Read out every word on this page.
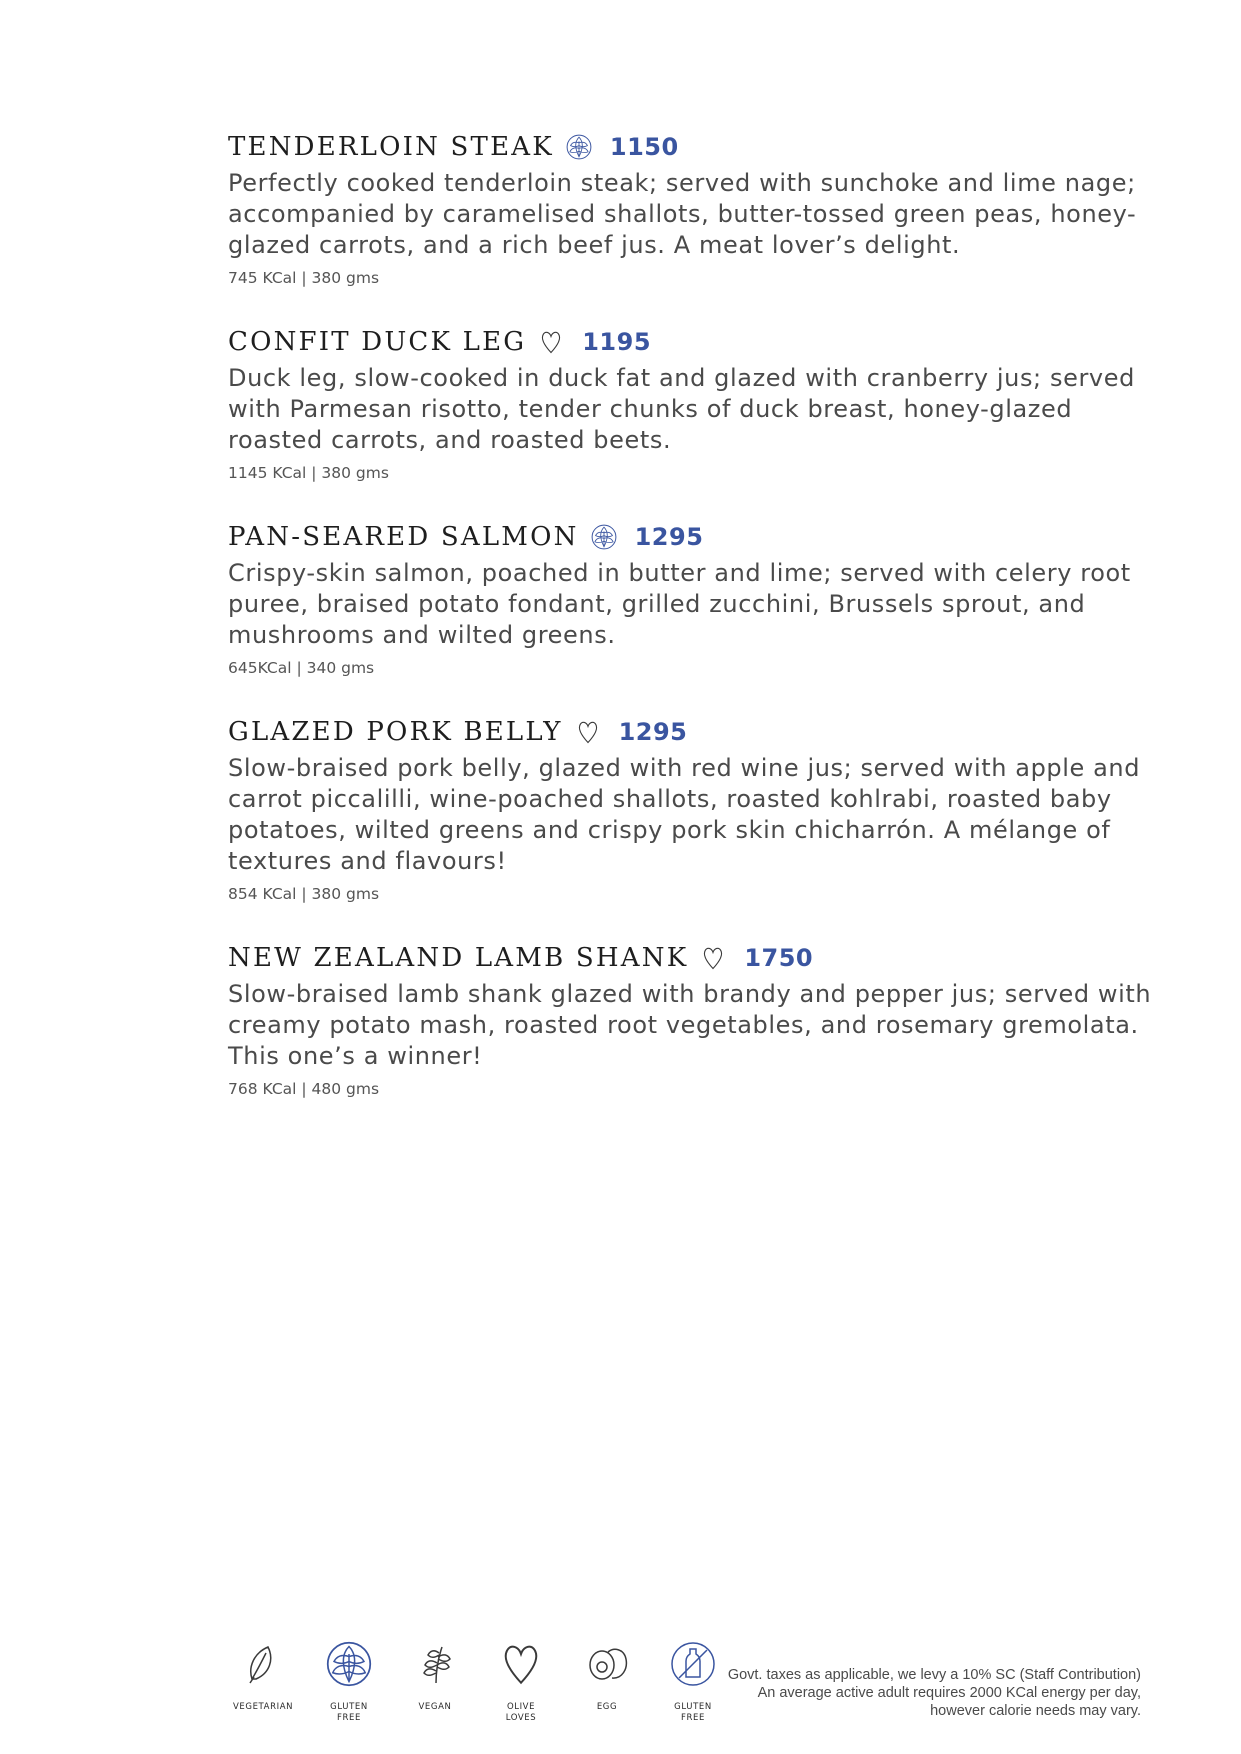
TENDERLOIN STEAK 1150
Perfectly cooked tenderloin steak; served with sunchoke and lime nage; accompanied by caramelised shallots, butter-tossed green peas, honey-glazed carrots, and a rich beef jus. A meat lover’s delight.
745 KCal | 380 gms
CONFIT DUCK LEG 1195
Duck leg, slow-cooked in duck fat and glazed with cranberry jus; served with Parmesan risotto, tender chunks of duck breast, honey-glazed roasted carrots, and roasted beets.
1145 KCal | 380 gms
PAN-SEARED SALMON 1295
Crispy-skin salmon, poached in butter and lime; served with celery root puree, braised potato fondant, grilled zucchini, Brussels sprout, and mushrooms and wilted greens.
645KCal | 340 gms
GLAZED PORK BELLY 1295
Slow-braised pork belly, glazed with red wine jus; served with apple and carrot piccalilli, wine-poached shallots, roasted kohlrabi, roasted baby potatoes, wilted greens and crispy pork skin chicharrón. A mélange of textures and flavours!
854 KCal | 380 gms
NEW ZEALAND LAMB SHANK 1750
Slow-braised lamb shank glazed with brandy and pepper jus; served with creamy potato mash, roasted root vegetables, and rosemary gremolata. This one’s a winner!
768 KCal | 480 gms
VEGETARIAN	GLUTEN FREE
VEGAN	OLIVE LOVES
EGG	GLUTEN FREE
Govt. taxes as applicable, we levy a 10% SC (Staff Contribution)
An average active adult requires 2000 KCal energy per day,
however calorie needs may vary.
